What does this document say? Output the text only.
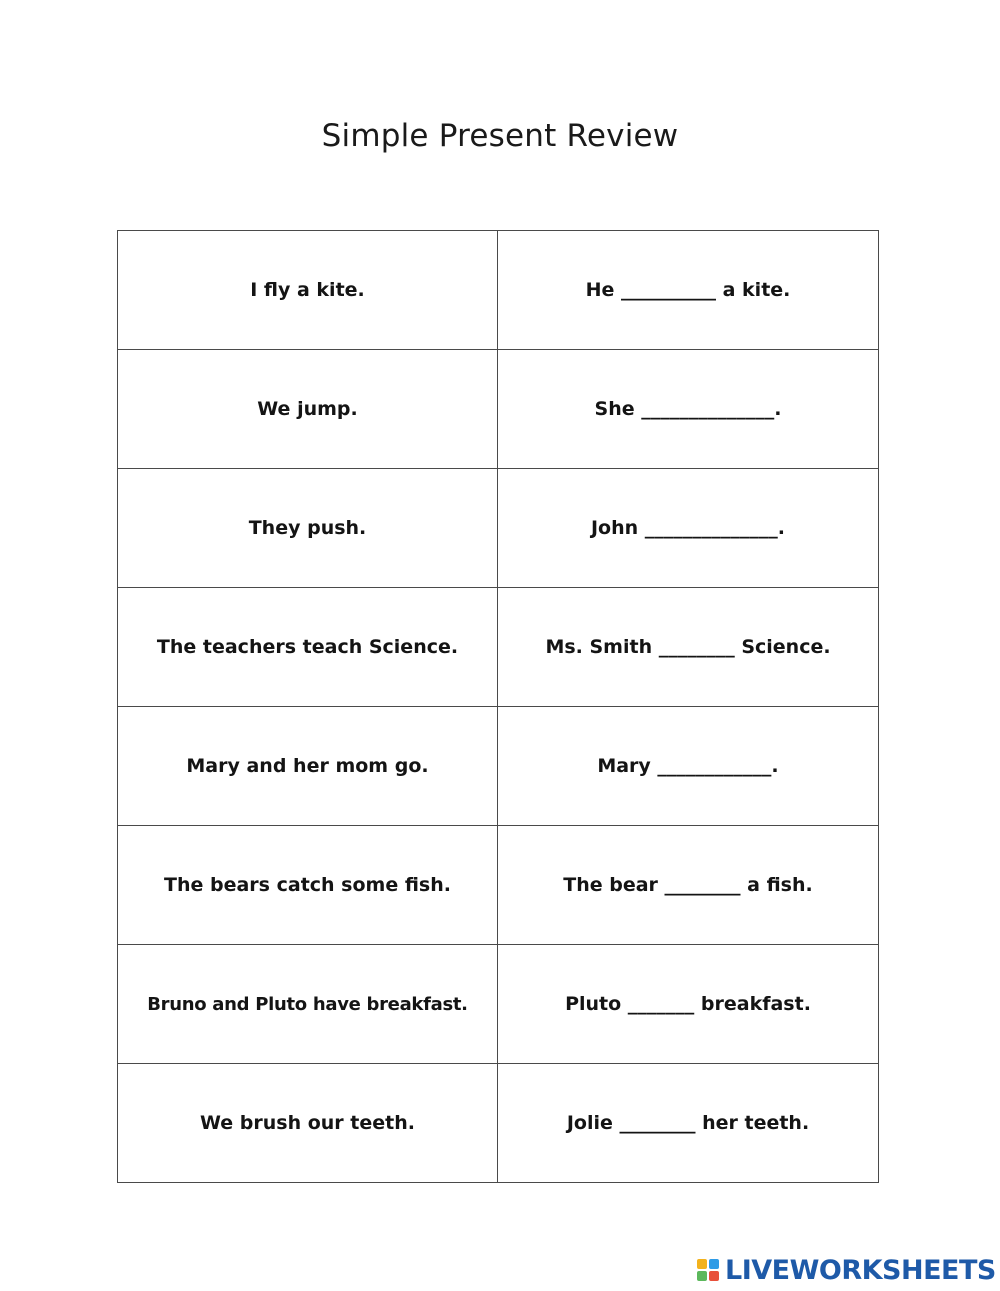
Simple Present Review
I fly a kite.	He __________ a kite.
We jump.	She ______________.
They push.	John ______________.
The teachers teach Science.	Ms. Smith ________ Science.
Mary and her mom go.	Mary ____________.
The bears catch some fish.	The bear ________ a fish.
Bruno and Pluto have breakfast.	Pluto _______ breakfast.
We brush our teeth.	Jolie ________ her teeth.
LIVEWORKSHEETS
